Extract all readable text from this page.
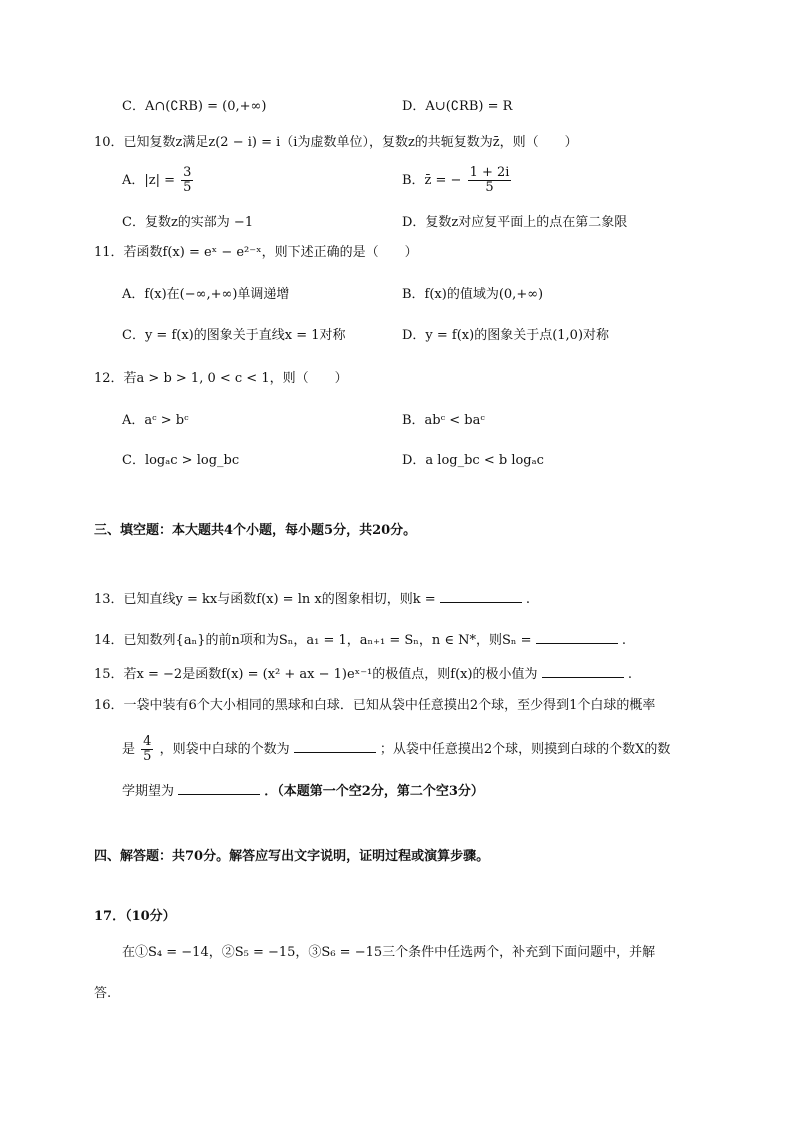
C．A∩(∁RB) = (0,+∞)	D．A∪(∁RB) = R
10．已知复数z满足z(2 − i) = i（i为虚数单位），复数z的共轭复数为z̄，则（　　）
A．$|z| = \frac{3}{5}$	B．z̄ = − $\frac{1 + 2i}{5}$
C．复数z的实部为 −1	D．复数z对应复平面上的点在第二象限
11．若函数f(x) = eˣ − e²⁻ˣ，则下述正确的是（　　）
A．f(x)在(−∞,+∞)单调递增	B．f(x)的值域为(0,+∞)
C．y = f(x)的图象关于直线x = 1对称	D．y = f(x)的图象关于点(1,0)对称
12．若a > b > 1, 0 < c < 1，则（　　）
A．aᶜ > bᶜ	B．abᶜ < baᶜ
C．logₐc > log_bc	D．a log_bc < b logₐc
三、填空题：本大题共4个小题，每小题5分，共20分。
13．已知直线y = kx与函数f(x) = ln x的图象相切，则k =	.
14．已知数列{aₙ}的前n项和为Sₙ，a₁ = 1，aₙ₊₁ = Sₙ，n ∈ N*，则Sₙ =	.
15．若x = −2是函数f(x) = (x² + ax − 1)eˣ⁻¹的极值点，则f(x)的极小值为	.
16．一袋中装有6个大小相同的黑球和白球．已知从袋中任意摸出2个球，至少得到1个白球的概率
是 $\frac{4}{5}$ ，则袋中白球的个数为	；从袋中任意摸出2个球，则摸到白球的个数X的数
学期望为	．（本题第一个空2分，第二个空3分）
四、解答题：共70分。解答应写出文字说明，证明过程或演算步骤。
17．（10分）
在①S₄ = −14，②S₅ = −15，③S₆ = −15三个条件中任选两个，补充到下面问题中，并解
答.
